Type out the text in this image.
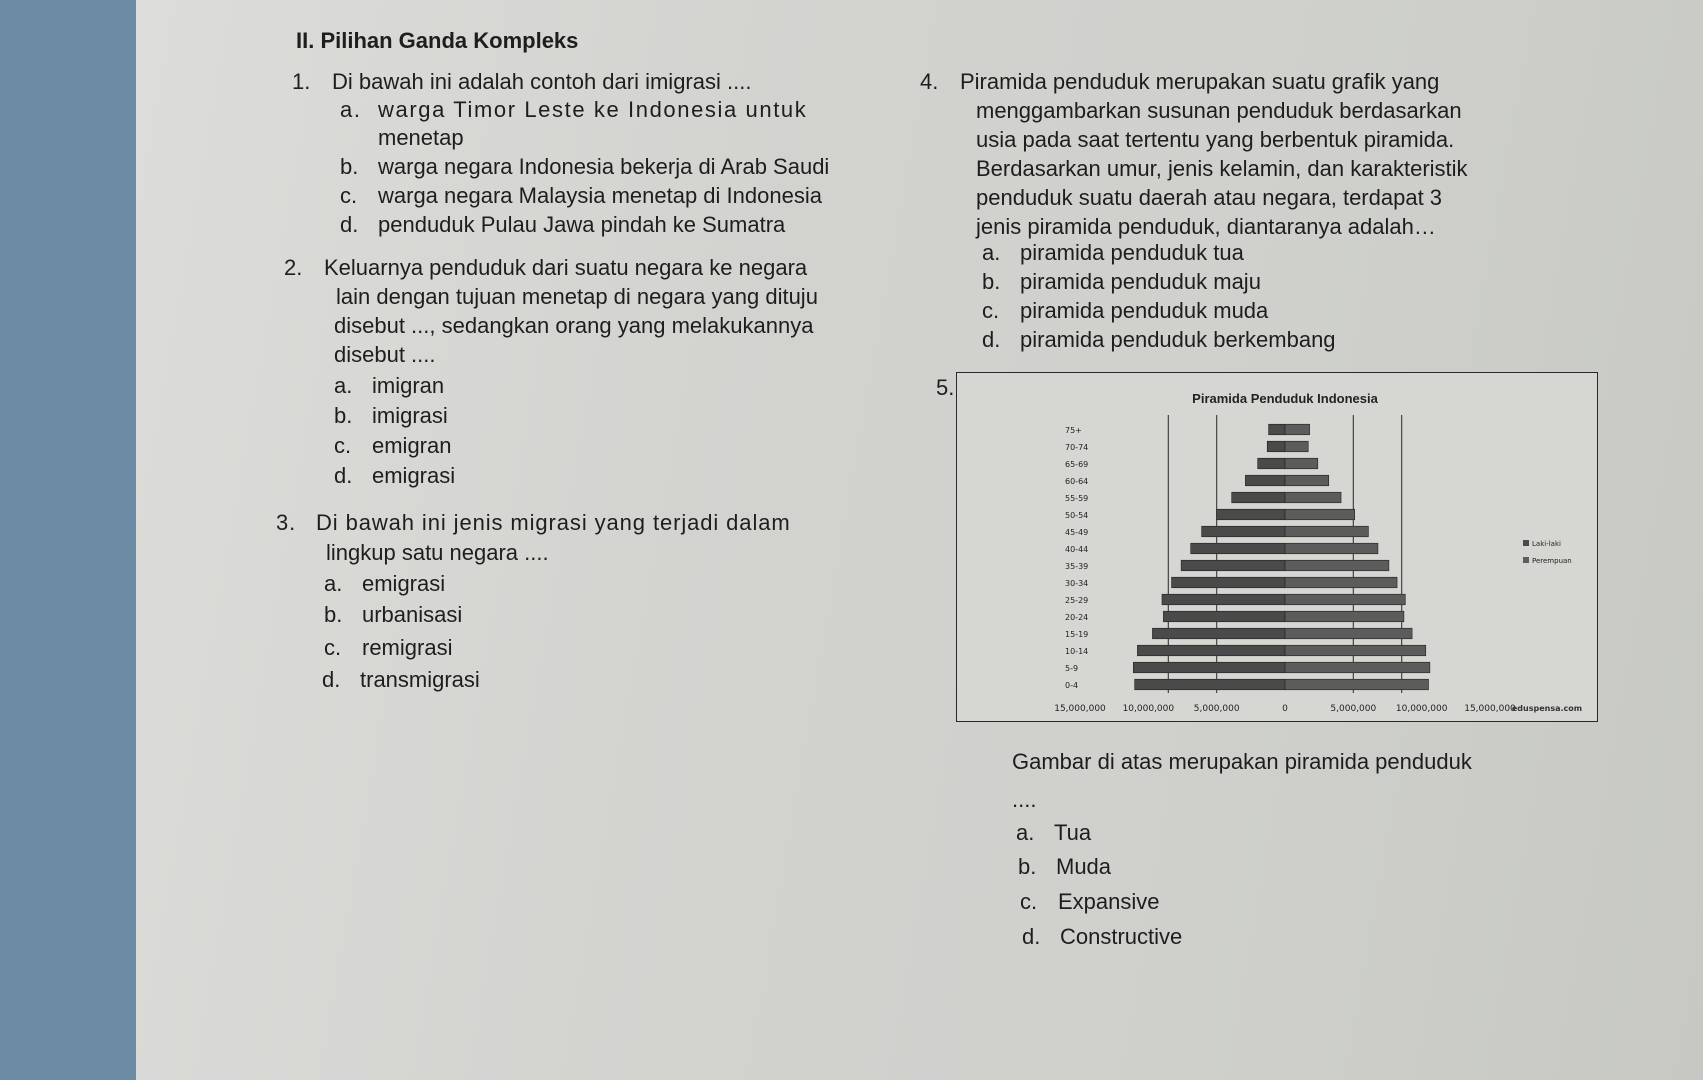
II. Pilihan Ganda Kompleks
1. Di bawah ini adalah contoh dari imigrasi ....
a. warga Timor Leste ke Indonesia untuk
menetap
b. warga negara Indonesia bekerja di Arab Saudi
c. warga negara Malaysia menetap di Indonesia
d. penduduk Pulau Jawa pindah ke Sumatra
2. Keluarnya penduduk dari suatu negara ke negara
lain dengan tujuan menetap di negara yang dituju
disebut ..., sedangkan orang yang melakukannya
disebut ....
a. imigran
b. imigrasi
c. emigran
d. emigrasi
3. Di bawah ini jenis migrasi yang terjadi dalam
lingkup satu negara ....
a. emigrasi
b. urbanisasi
c. remigrasi
d. transmigrasi
4. Piramida penduduk merupakan suatu grafik yang
menggambarkan susunan penduduk berdasarkan
usia pada saat tertentu yang berbentuk piramida.
Berdasarkan umur, jenis kelamin, dan karakteristik
penduduk suatu daerah atau negara, terdapat 3
jenis piramida penduduk, diantaranya adalah…
a. piramida penduduk tua
b. piramida penduduk maju
c. piramida penduduk muda
d. piramida penduduk berkembang
5.	Piramida Penduduk Indonesia
75+
70-74
65-69
60-64
55-59
50-54
45-49
40-44
35-39
30-34
25-29
20-24
15-19
10-14
5-9
0-4
15,000,000 10,000,000 5,000,000	0	5,000,000 10,000,000 15,000,000
Laki-laki
Perempuan
eduspensa.com
Gambar di atas merupakan piramida penduduk
....
a. Tua
b. Muda
c. Expansive
d. Constructive
